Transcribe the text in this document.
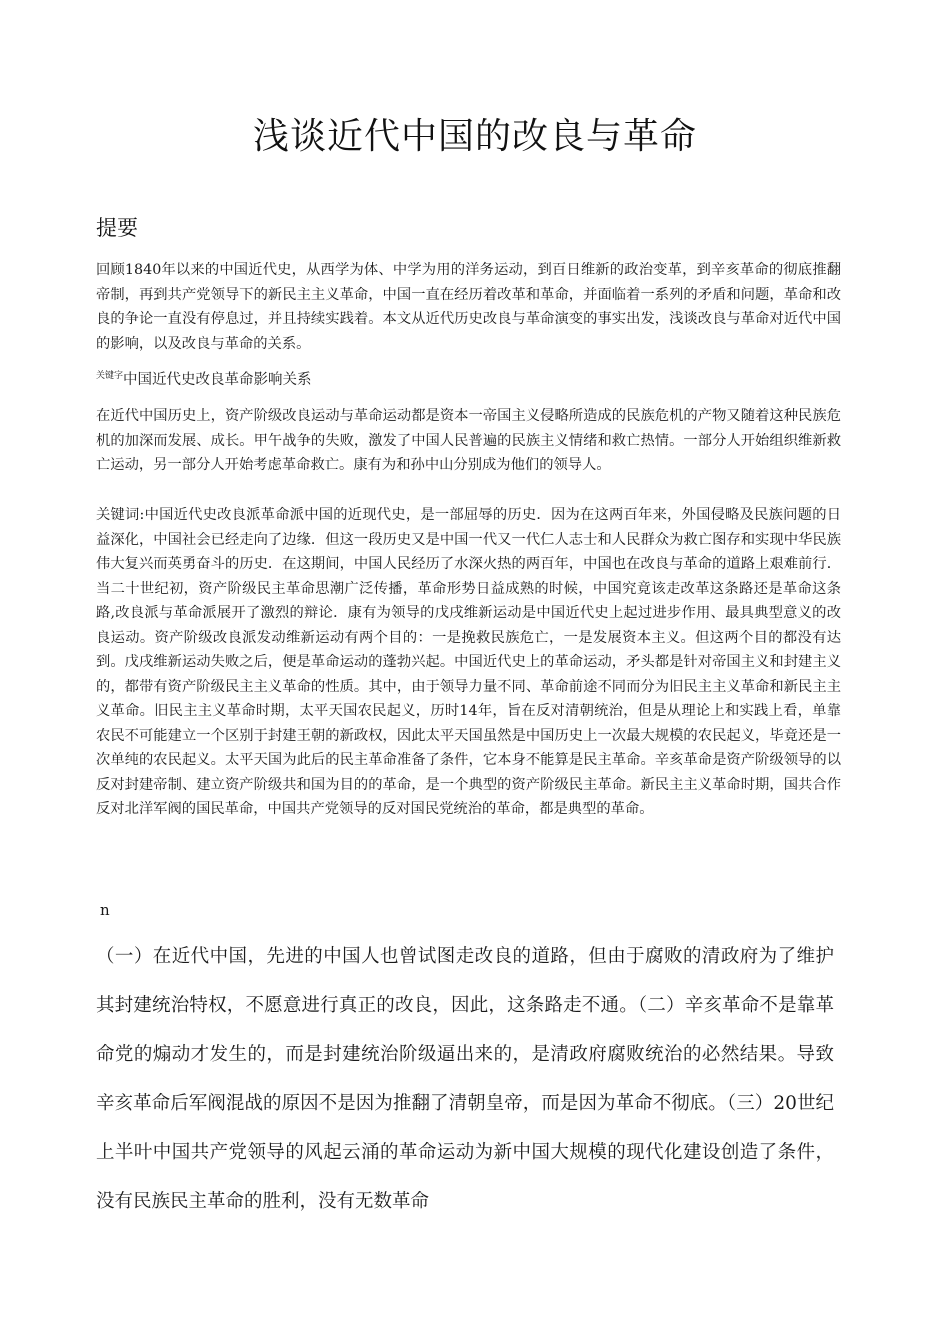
浅谈近代中国的改良与革命
提要
回顾1840年以来的中国近代史，从西学为体、中学为用的洋务运动，到百日维新的政治变革，到辛亥革命的彻底推翻帝制，再到共产党领导下的新民主主义革命，中国一直在经历着改革和革命，并面临着一系列的矛盾和问题，革命和改良的争论一直没有停息过，并且持续实践着。本文从近代历史改良与革命演变的事实出发，浅谈改良与革命对近代中国的影响，以及改良与革命的关系。
$^{关键字}$中国近代史改良革命影响关系
在近代中国历史上，资产阶级改良运动与革命运动都是资本一帝国主义侵略所造成的民族危机的产物又随着这种民族危机的加深而发展、成长。甲午战争的失败，激发了中国人民普遍的民族主义情绪和救亡热情。一部分人开始组织维新救亡运动，另一部分人开始考虑革命救亡。康有为和孙中山分别成为他们的领导人。
关键词:中国近代史改良派革命派中国的近现代史，是一部屈辱的历史．因为在这两百年来，外国侵略及民族问题的日益深化，中国社会已经走向了边缘．但这一段历史又是中国一代又一代仁人志士和人民群众为救亡图存和实现中华民族伟大复兴而英勇奋斗的历史．在这期间，中国人民经历了水深火热的两百年，中国也在改良与革命的道路上艰难前行．当二十世纪初，资产阶级民主革命思潮广泛传播，革命形势日益成熟的时候，中国究竟该走改革这条路还是革命这条路,改良派与革命派展开了激烈的辩论．康有为领导的戊戌维新运动是中国近代史上起过进步作用、最具典型意义的改良运动。资产阶级改良派发动维新运动有两个目的：一是挽救民族危亡，一是发展资本主义。但这两个目的都没有达到。戊戌维新运动失败之后，便是革命运动的蓬勃兴起。中国近代史上的革命运动，矛头都是针对帝国主义和封建主义的，都带有资产阶级民主主义革命的性质。其中，由于领导力量不同、革命前途不同而分为旧民主主义革命和新民主主义革命。旧民主主义革命时期，太平天国农民起义，历时14年，旨在反对清朝统治，但是从理论上和实践上看，单靠农民不可能建立一个区别于封建王朝的新政权，因此太平天国虽然是中国历史上一次最大规模的农民起义，毕竟还是一次单纯的农民起义。太平天国为此后的民主革命准备了条件，它本身不能算是民主革命。辛亥革命是资产阶级领导的以反对封建帝制、建立资产阶级共和国为目的的革命，是一个典型的资产阶级民主革命。新民主主义革命时期，国共合作反对北洋军阀的国民革命，中国共产党领导的反对国民党统治的革命，都是典型的革命。
n
（一）在近代中国，先进的中国人也曾试图走改良的道路，但由于腐败的清政府为了维护其封建统治特权，不愿意进行真正的改良，因此，这条路走不通。（二）辛亥革命不是靠革命党的煽动才发生的，而是封建统治阶级逼出来的，是清政府腐败统治的必然结果。导致辛亥革命后军阀混战的原因不是因为推翻了清朝皇帝，而是因为革命不彻底。（三）20世纪上半叶中国共产党领导的风起云涌的革命运动为新中国大规模的现代化建设创造了条件，没有民族民主革命的胜利，没有无数革命
